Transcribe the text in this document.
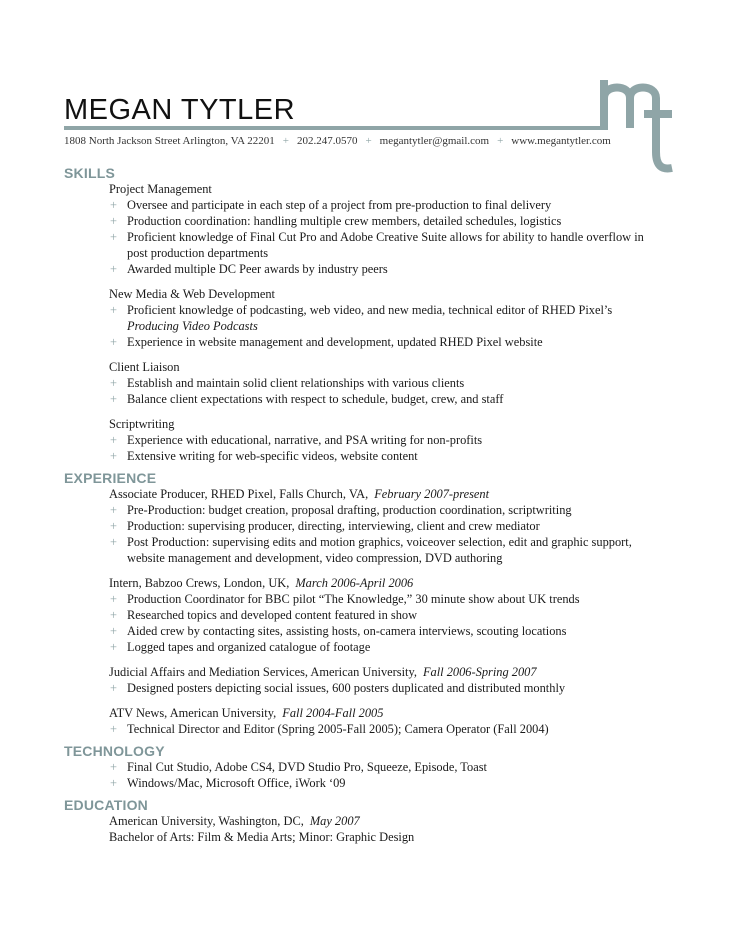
MEGAN TYTLER
1808 North Jackson Street Arlington, VA 22201 + 202.247.0570 + megantytler@gmail.com + www.megantytler.com
SKILLS
Project Management
+ Oversee and participate in each step of a project from pre-production to final delivery
+ Production coordination: handling multiple crew members, detailed schedules, logistics
+ Proficient knowledge of Final Cut Pro and Adobe Creative Suite allows for ability to handle overflow in post production departments
+ Awarded multiple DC Peer awards by industry peers
New Media & Web Development
+ Proficient knowledge of podcasting, web video, and new media, technical editor of RHED Pixel’s Producing Video Podcasts
+ Experience in website management and development, updated RHED Pixel website
Client Liaison
+ Establish and maintain solid client relationships with various clients
+ Balance client expectations with respect to schedule, budget, crew, and staff
Scriptwriting
+ Experience with educational, narrative, and PSA writing for non-profits
+ Extensive writing for web-specific videos, website content
EXPERIENCE
Associate Producer, RHED Pixel, Falls Church, VA, February 2007-present
+ Pre-Production: budget creation, proposal drafting, production coordination, scriptwriting
+ Production: supervising producer, directing, interviewing, client and crew mediator
+ Post Production: supervising edits and motion graphics, voiceover selection, edit and graphic support, website management and development, video compression, DVD authoring
Intern, Babzoo Crews, London, UK, March 2006-April 2006
+ Production Coordinator for BBC pilot “The Knowledge,” 30 minute show about UK trends
+ Researched topics and developed content featured in show
+ Aided crew by contacting sites, assisting hosts, on-camera interviews, scouting locations
+ Logged tapes and organized catalogue of footage
Judicial Affairs and Mediation Services, American University, Fall 2006-Spring 2007
+ Designed posters depicting social issues, 600 posters duplicated and distributed monthly
ATV News, American University, Fall 2004-Fall 2005
+ Technical Director and Editor (Spring 2005-Fall 2005); Camera Operator (Fall 2004)
TECHNOLOGY
+ Final Cut Studio, Adobe CS4, DVD Studio Pro, Squeeze, Episode, Toast
+ Windows/Mac, Microsoft Office, iWork ‘09
EDUCATION
American University, Washington, DC, May 2007
Bachelor of Arts: Film & Media Arts; Minor: Graphic Design
